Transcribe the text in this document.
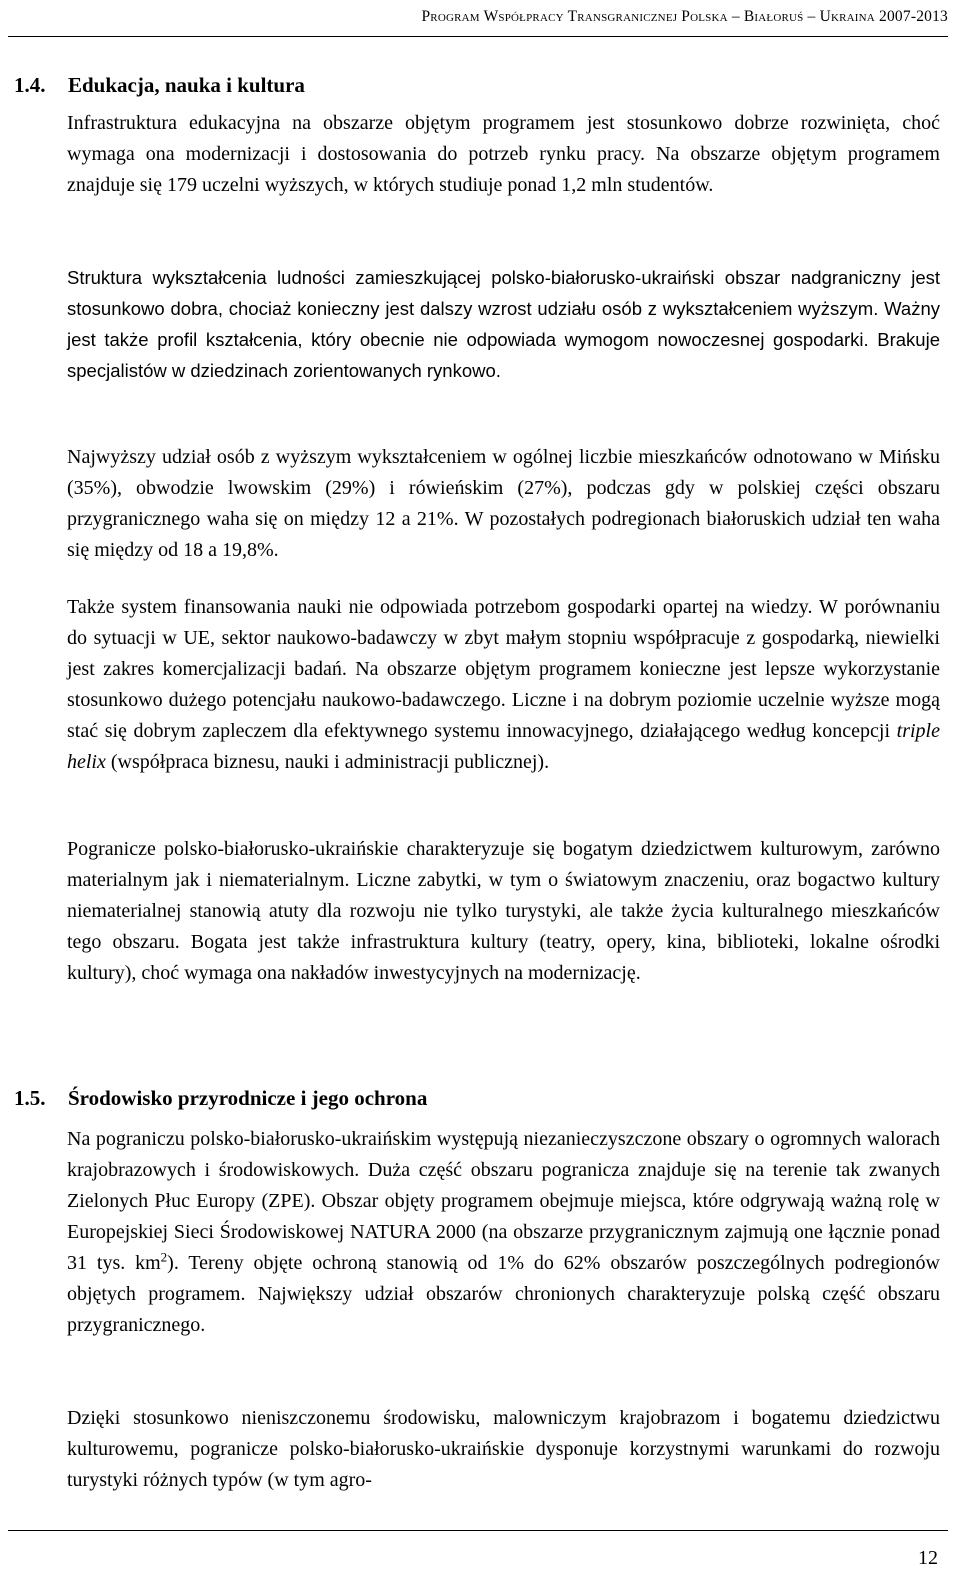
Program Współpracy Transgranicznej Polska – Białoruś – Ukraina 2007-2013
1.4. Edukacja, nauka i kultura

Infrastruktura edukacyjna na obszarze objętym programem jest stosunkowo dobrze rozwinięta, choć wymaga ona modernizacji i dostosowania do potrzeb rynku pracy. Na obszarze objętym programem znajduje się 179 uczelni wyższych, w których studiuje ponad 1,2 mln studentów.

Struktura wykształcenia ludności zamieszkującej polsko-białorusko-ukraiński obszar nadgraniczny jest stosunkowo dobra, chociaż konieczny jest dalszy wzrost udziału osób z wykształceniem wyższym. Ważny jest także profil kształcenia, który obecnie nie odpowiada wymogom nowoczesnej gospodarki. Brakuje specjalistów w dziedzinach zorientowanych rynkowo.

Najwyższy udział osób z wyższym wykształceniem w ogólnej liczbie mieszkańców odnotowano w Mińsku (35%), obwodzie lwowskim (29%) i rówieńskim (27%), podczas gdy w polskiej części obszaru przygranicznego waha się on między 12 a 21%. W pozostałych podregionach białoruskich udział ten waha się między od 18 a 19,8%.

Także system finansowania nauki nie odpowiada potrzebom gospodarki opartej na wiedzy. W porównaniu do sytuacji w UE, sektor naukowo-badawczy w zbyt małym stopniu współpracuje z gospodarką, niewielki jest zakres komercjalizacji badań. Na obszarze objętym programem konieczne jest lepsze wykorzystanie stosunkowo dużego potencjału naukowo-badawczego. Liczne i na dobrym poziomie uczelnie wyższe mogą stać się dobrym zapleczem dla efektywnego systemu innowacyjnego, działającego według koncepcji triple helix (współpraca biznesu, nauki i administracji publicznej).

Pogranicze polsko-białorusko-ukraińskie charakteryzuje się bogatym dziedzictwem kulturowym, zarówno materialnym jak i niematerialnym. Liczne zabytki, w tym o światowym znaczeniu, oraz bogactwo kultury niematerialnej stanowią atuty dla rozwoju nie tylko turystyki, ale także życia kulturalnego mieszkańców tego obszaru. Bogata jest także infrastruktura kultury (teatry, opery, kina, biblioteki, lokalne ośrodki kultury), choć wymaga ona nakładów inwestycyjnych na modernizację.

1.5. Środowisko przyrodnicze i jego ochrona

Na pograniczu polsko-białorusko-ukraińskim występują niezanieczyszczone obszary o ogromnych walorach krajobrazowych i środowiskowych. Duża część obszaru pogranicza znajduje się na terenie tak zwanych Zielonych Płuc Europy (ZPE). Obszar objęty programem obejmuje miejsca, które odgrywają ważną rolę w Europejskiej Sieci Środowiskowej NATURA 2000 (na obszarze przygranicznym zajmują one łącznie ponad 31 tys. $km^2$). Tereny objęte ochroną stanowią od 1% do 62% obszarów poszczególnych podregionów objętych programem. Największy udział obszarów chronionych charakteryzuje polską część obszaru przygranicznego.

Dzięki stosunkowo nieniszczonemu środowisku, malowniczym krajobrazom i bogatemu dziedzictwu kulturowemu, pogranicze polsko-białorusko-ukraińskie dysponuje korzystnymi warunkami do rozwoju turystyki różnych typów (w tym agro-

12
